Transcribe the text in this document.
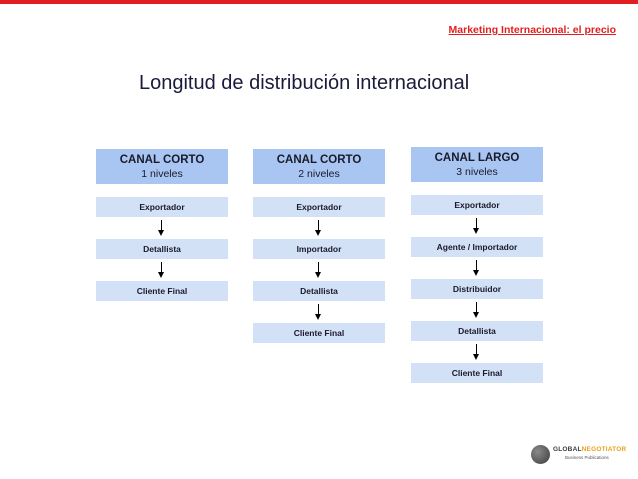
Marketing Internacional: el precio
Longitud de distribución internacional
CANAL CORTO
1 niveles
Exportador
Detallista
Cliente Final
CANAL CORTO
2 niveles
Exportador
Importador
Detallista
Cliente Final
CANAL LARGO
3 niveles
Exportador
Agente / Importador
Distribuidor
Detallista
Cliente Final
GLOBALNEGOTIATOR
Business Publications
